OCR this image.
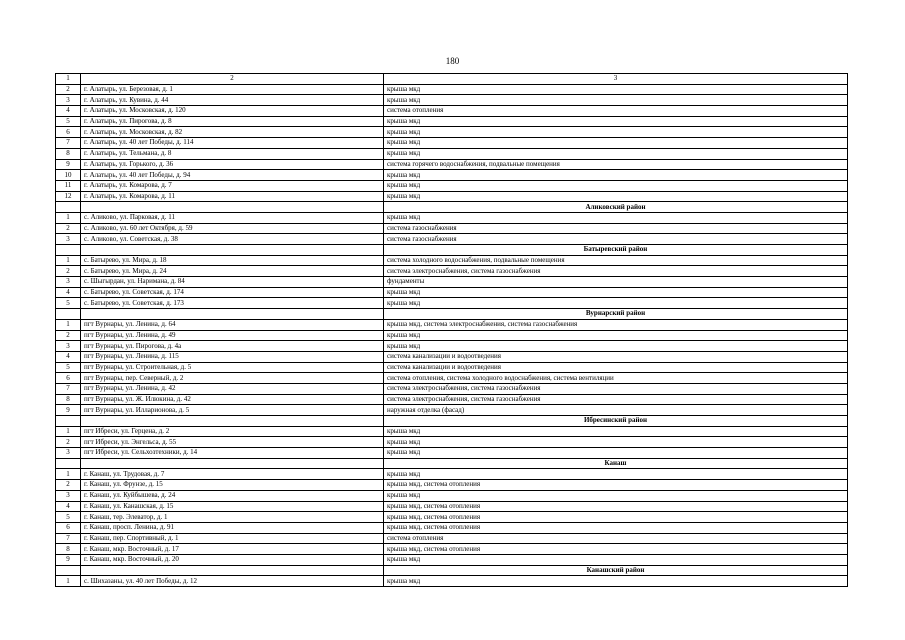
180
1	2	3
2	г. Алатырь, ул. Березовая, д. 1	крыша мкд
3	г. Алатырь, ул. Кувина, д. 44	крыша мкд
4	г. Алатырь, ул. Московская, д. 120	система отопления
5	г. Алатырь, ул. Пирогова, д. 8	крыша мкд
6	г. Алатырь, ул. Московская, д. 82	крыша мкд
7	г. Алатырь, ул. 40 лет Победы, д. 114	крыша мкд
8	г. Алатырь, ул. Тельмана, д. 8	крыша мкд
9	г. Алатырь, ул. Горького, д. 36	система горячего водоснабжения, подвальные помещения
10	г. Алатырь, ул. 40 лет Победы, д. 94	крыша мкд
11	г. Алатырь, ул. Комарова, д. 7	крыша мкд
12	г. Алатырь, ул. Комарова, д. 11	крыша мкд
		Аликовский район
1	с. Аликово, ул. Парковая, д. 11	крыша мкд
2	с. Аликово, ул. 60 лет Октября, д. 59	система газоснабжения
3	с. Аликово, ул. Советская, д. 38	система газоснабжения
		Батыревский район
1	с. Батырево, ул. Мира, д. 18	система холодного водоснабжения, подвальные помещения
2	с. Батырево, ул. Мира, д. 24	система электроснабжения, система газоснабжения
3	с. Шыгырдан, ул. Наримана, д. 84	фундаменты
4	с. Батырево, ул. Советская, д. 174	крыша мкд
5	с. Батырево, ул. Советская, д. 173	крыша мкд
		Вурнарский район
1	пгт Вурнары, ул. Ленина, д. 64	крыша мкд, система электроснабжения, система газоснабжения
2	пгт Вурнары, ул. Ленина, д. 49	крыша мкд
3	пгт Вурнары, ул. Пирогова, д. 4а	крыша мкд
4	пгт Вурнары, ул. Ленина, д. 115	система канализации и водоотведения
5	пгт Вурнары, ул. Строительная, д. 5	система канализации и водоотведения
6	пгт Вурнары, пер. Северный, д. 2	система отопления, система холодного водоснабжения, система вентиляции
7	пгт Вурнары, ул. Ленина, д. 42	система электроснабжения, система газоснабжения
8	пгт Вурнары, ул. Ж. Илюкина, д. 42	система электроснабжения, система газоснабжения
9	пгт Вурнары, ул. Илларионова, д. 5	наружная отделка (фасад)
		Ибресинский район
1	пгт Ибреси, ул. Герцена, д. 2	крыша мкд
2	пгт Ибреси, ул. Энгельса, д. 55	крыша мкд
3	пгт Ибреси, ул. Сельхозтехники, д. 14	крыша мкд
		Канаш
1	г. Канаш, ул. Трудовая, д. 7	крыша мкд
2	г. Канаш, ул. Фрунзе, д. 15	крыша мкд, система отопления
3	г. Канаш, ул. Куйбышева, д. 24	крыша мкд
4	г. Канаш, ул. Канашская, д. 15	крыша мкд, система отопления
5	г. Канаш, тер. Элеватор, д. 1	крыша мкд, система отопления
6	г. Канаш, просп. Ленина, д. 91	крыша мкд, система отопления
7	г. Канаш, пер. Спортивный, д. 1	система отопления
8	г. Канаш, мкр. Восточный, д. 17	крыша мкд, система отопления
9	г. Канаш, мкр. Восточный, д. 20	крыша мкд
		Канашский район
1	с. Шихазаны, ул. 40 лет Победы, д. 12	крыша мкд
